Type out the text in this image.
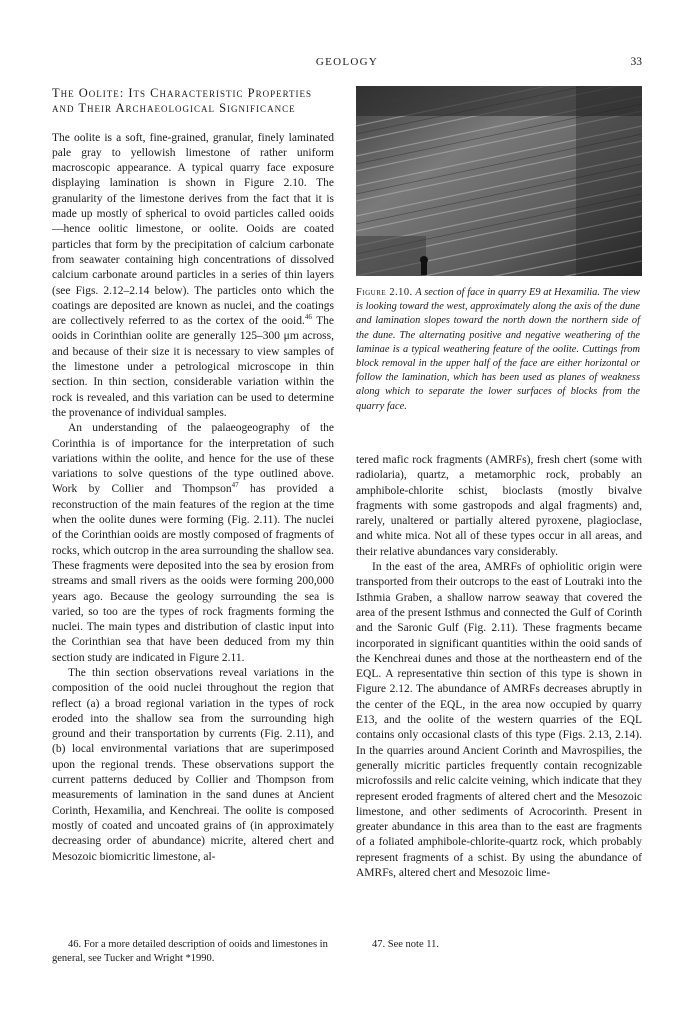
GEOLOGY	33
The Oolite: Its Characteristic Properties and Their Archaeological Significance

The oolite is a soft, fine-grained, granular, finely laminated pale gray to yellowish limestone of rather uniform macroscopic appearance. A typical quarry face exposure displaying lamination is shown in Figure 2.10. The granularity of the limestone derives from the fact that it is made up mostly of spherical to ovoid particles called ooids—hence oolitic limestone, or oolite. Ooids are coated particles that form by the precipitation of calcium carbonate from seawater containing high concentrations of dissolved calcium carbonate around particles in a series of thin layers (see Figs. 2.12–2.14 below). The particles onto which the coatings are deposited are known as nuclei, and the coatings are collectively referred to as the cortex of the ooid.$^{46}$ The ooids in Corinthian oolite are generally 125–300 μm across, and because of their size it is necessary to view samples of the limestone under a petrological microscope in thin section. In thin section, considerable variation within the rock is revealed, and this variation can be used to determine the provenance of individual samples.

An understanding of the palaeogeography of the Corinthia is of importance for the interpretation of such variations within the oolite, and hence for the use of these variations to solve questions of the type outlined above. Work by Collier and Thompson$^{47}$ has provided a reconstruction of the main features of the region at the time when the oolite dunes were forming (Fig. 2.11). The nuclei of the Corinthian ooids are mostly composed of fragments of rocks, which outcrop in the area surrounding the shallow sea. These fragments were deposited into the sea by erosion from streams and small rivers as the ooids were forming 200,000 years ago. Because the geology surrounding the sea is varied, so too are the types of rock fragments forming the nuclei. The main types and distribution of clastic input into the Corinthian sea that have been deduced from my thin section study are indicated in Figure 2.11.

The thin section observations reveal variations in the composition of the ooid nuclei throughout the region that reflect (a) a broad regional variation in the types of rock eroded into the shallow sea from the surrounding high ground and their transportation by currents (Fig. 2.11), and (b) local environmental variations that are superimposed upon the regional trends. These observations support the current patterns deduced by Collier and Thompson from measurements of lamination in the sand dunes at Ancient Corinth, Hexamilia, and Kenchreai. The oolite is composed mostly of coated and uncoated grains of (in approximately decreasing order of abundance) micrite, altered chert and Mesozoic biomicritic limestone, al-

Figure 2.10. A section of face in quarry E9 at Hexamilia. The view is looking toward the west, approximately along the axis of the dune and lamination slopes toward the north down the northern side of the dune. The alternating positive and negative weathering of the laminae is a typical weathering feature of the oolite. Cuttings from block removal in the upper half of the face are either horizontal or follow the lamination, which has been used as planes of weakness along which to separate the lower surfaces of blocks from the quarry face.

tered mafic rock fragments (AMRFs), fresh chert (some with radiolaria), quartz, a metamorphic rock, probably an amphibole-chlorite schist, bioclasts (mostly bivalve fragments with some gastropods and algal fragments) and, rarely, unaltered or partially altered pyroxene, plagioclase, and white mica. Not all of these types occur in all areas, and their relative abundances vary considerably.

In the east of the area, AMRFs of ophiolitic origin were transported from their outcrops to the east of Loutraki into the Isthmia Graben, a shallow narrow seaway that covered the area of the present Isthmus and connected the Gulf of Corinth and the Saronic Gulf (Fig. 2.11). These fragments became incorporated in significant quantities within the ooid sands of the Kenchreai dunes and those at the northeastern end of the EQL. A representative thin section of this type is shown in Figure 2.12. The abundance of AMRFs decreases abruptly in the center of the EQL, in the area now occupied by quarry E13, and the oolite of the western quarries of the EQL contains only occasional clasts of this type (Figs. 2.13, 2.14). In the quarries around Ancient Corinth and Mavrospilies, the generally micritic particles frequently contain recognizable microfossils and relic calcite veining, which indicate that they represent eroded fragments of altered chert and the Mesozoic limestone, and other sediments of Acrocorinth. Present in greater abundance in this area than to the east are fragments of a foliated amphibole-chlorite-quartz rock, which probably represent fragments of a schist. By using the abundance of AMRFs, altered chert and Mesozoic lime-

46. For a more detailed description of ooids and limestones in general, see Tucker and Wright *1990.
47. See note 11.
